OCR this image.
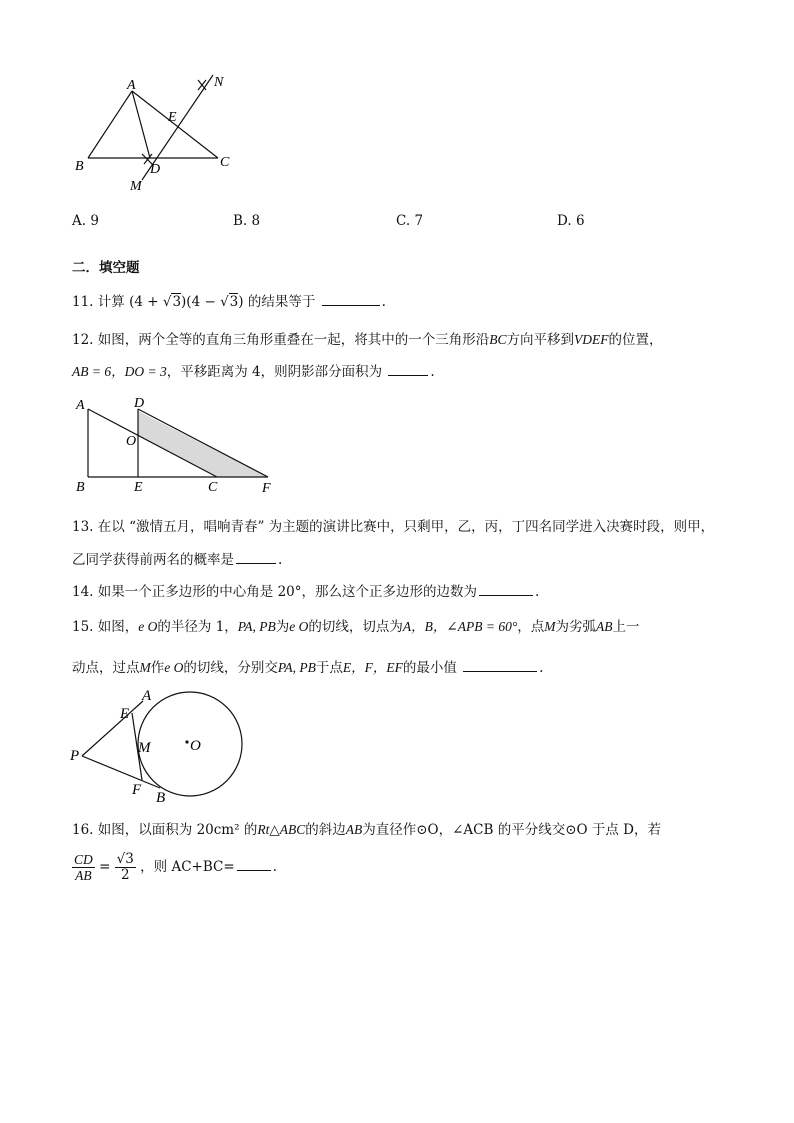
A
B	C
D
E
M
N
A. 9	B. 8	C. 7	D. 6
二．填空题
11. 计算 (4 + √3)(4 − √3) 的结果等于	.
12. 如图，两个全等的直角三角形重叠在一起，将其中的一个三角形沿BC方向平移到VDEF的位置，
AB = 6，DO = 3，平移距离为 4，则阴影部分面积为	.
A	D
O
B	E	C	F
13. 在以 “激情五月，唱响青春” 为主题的演讲比赛中，只剩甲，乙，丙，丁四名同学进入决赛时段，则甲，
乙同学获得前两名的概率是	.
14. 如果一个正多边形的中心角是 20°，那么这个正多边形的边数为	.
15. 如图，e O的半径为 1，PA, PB为e O的切线，切点为A，B，∠APB = 60°，点M为劣弧AB上一
动点，过点M作e O的切线，分别交PA, PB于点E，F，EF的最小值	.
A
E
M	O
P
F B
16. 如图，以面积为 20cm² 的Rt△ABC的斜边AB为直径作⊙O，∠ACB 的平分线交⊙O 于点 D，若
$\frac{CD}{AB} = \frac{√3}{2}$ ，则 AC+BC=	.
